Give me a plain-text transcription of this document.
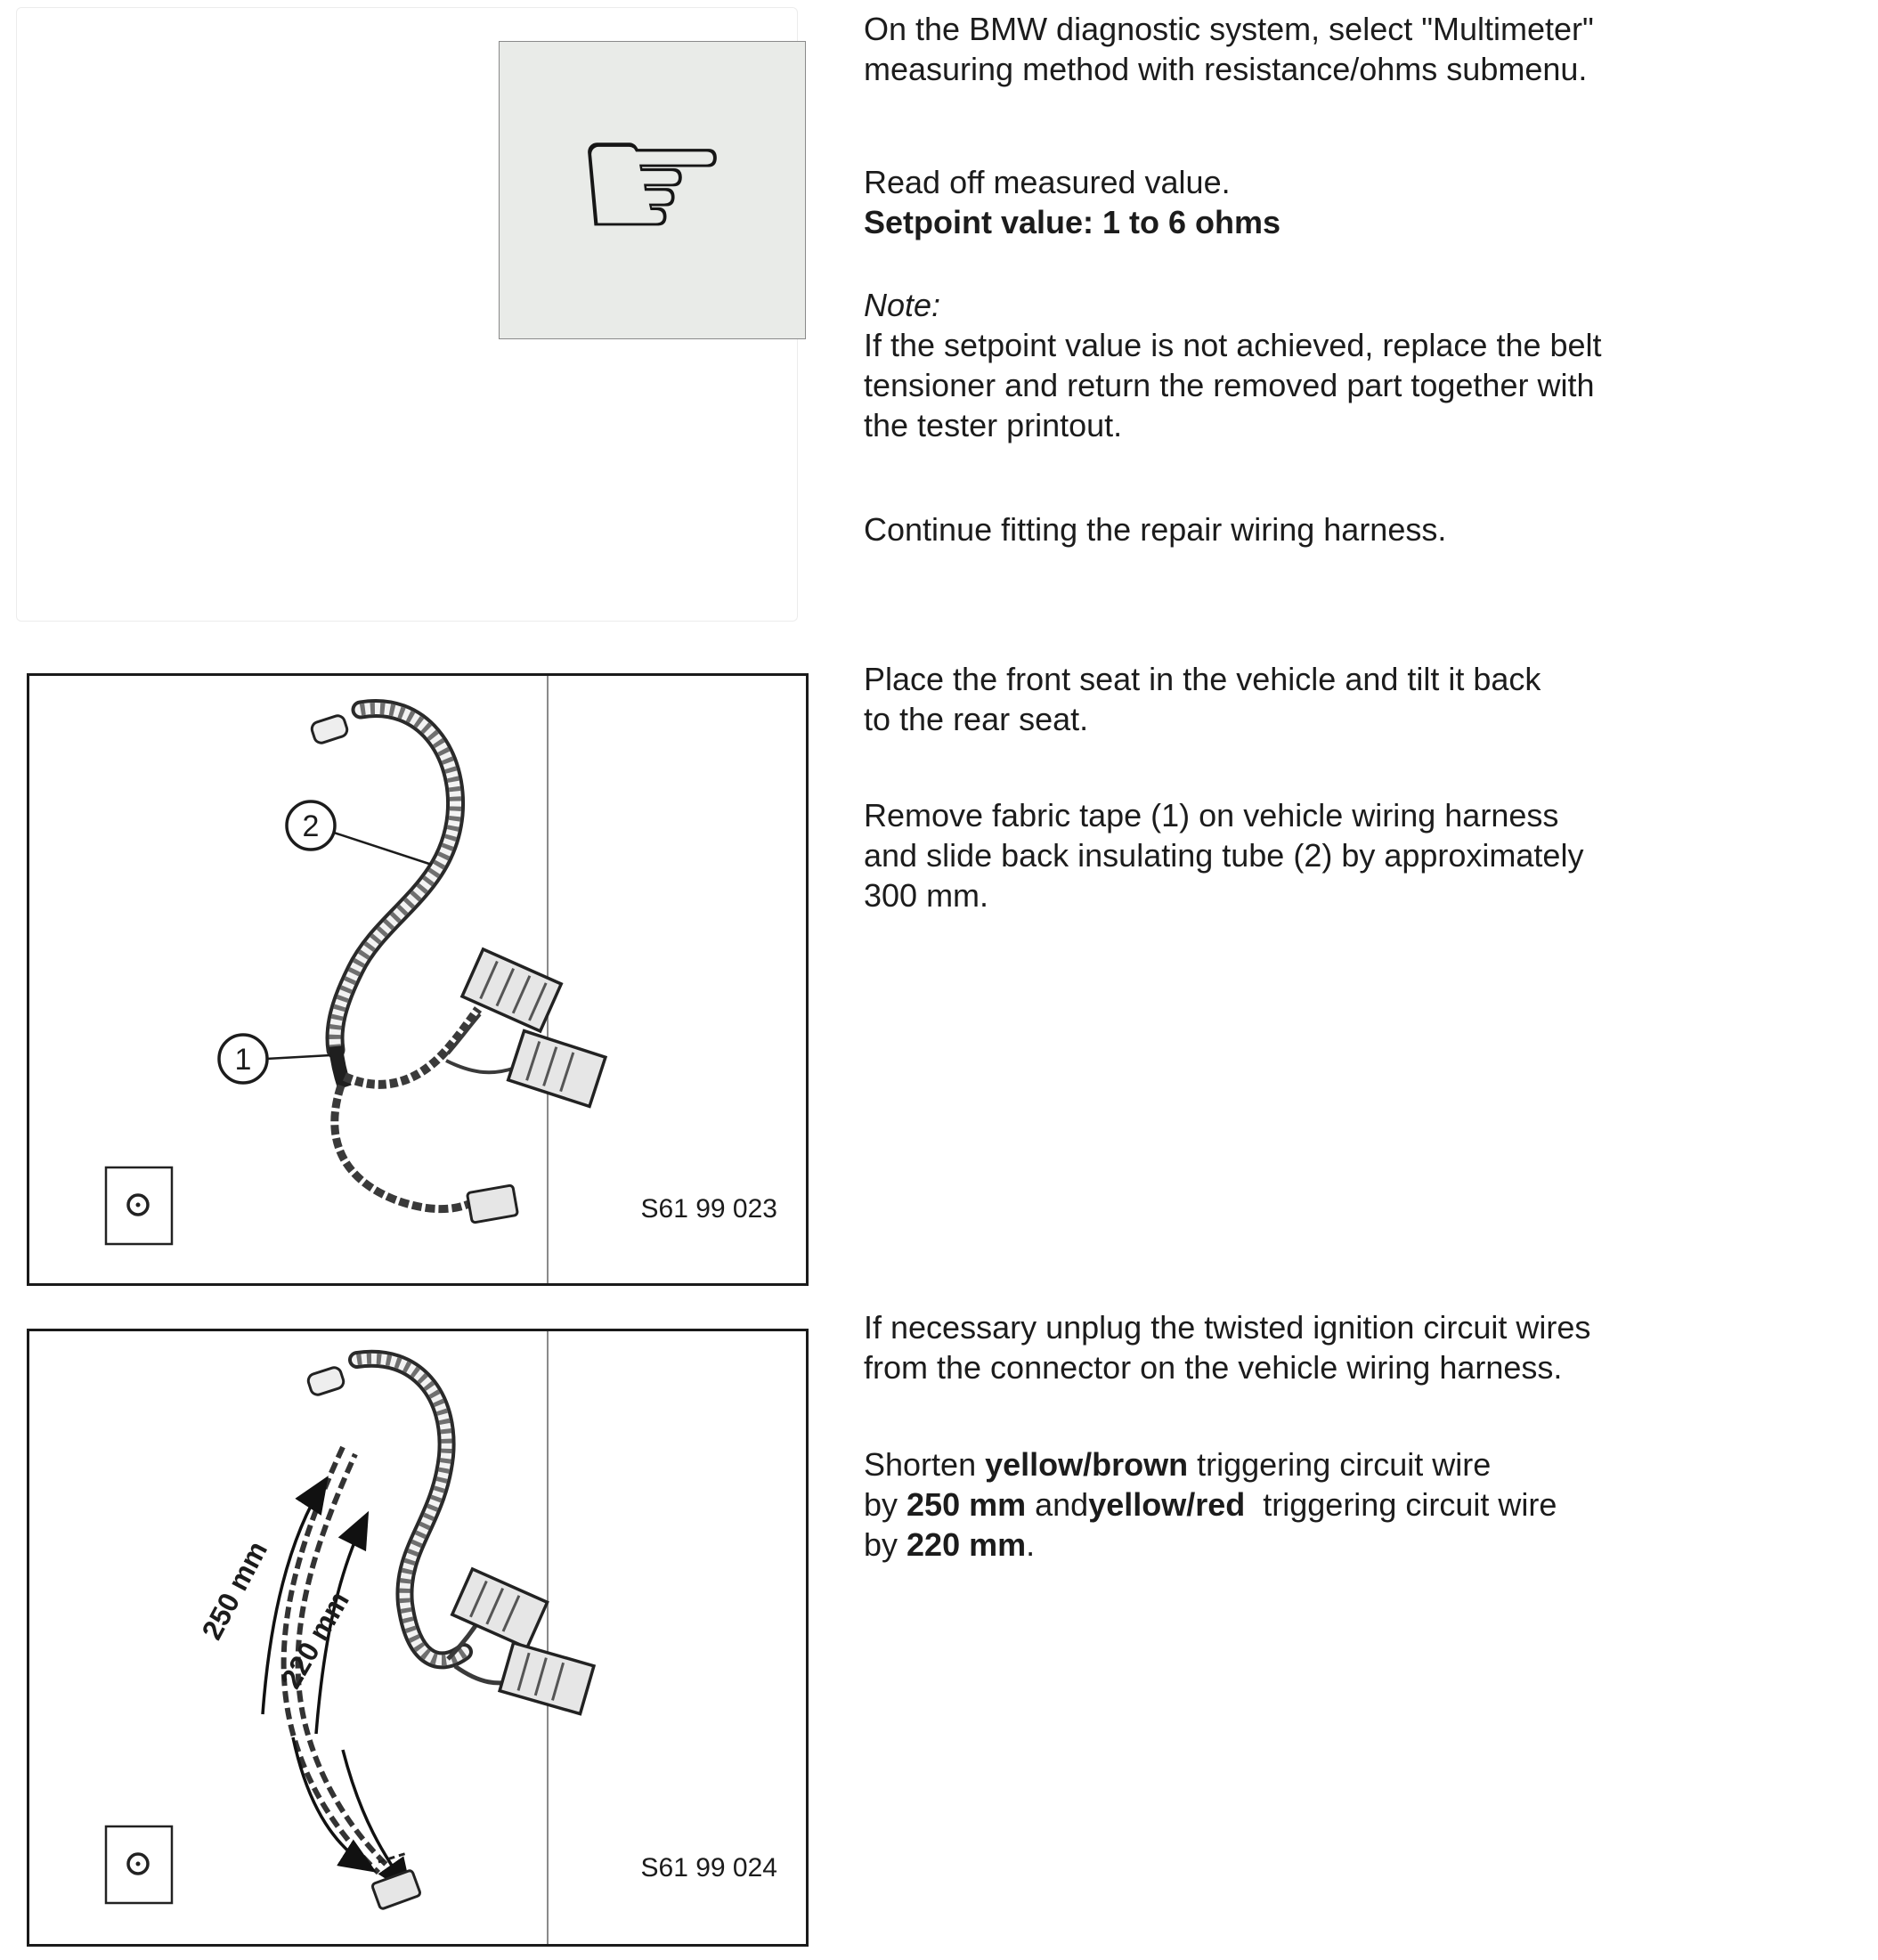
☞
On the BMW diagnostic system, select "Multimeter"
measuring method with resistance/ohms submenu.
Read off measured value.
Setpoint value: 1 to 6 ohms
Note:
If the setpoint value is not achieved, replace the belt
tensioner and return the removed part together with
the tester printout.
Continue fitting the repair wiring harness.
2
1
S61 99 023
Place the front seat in the vehicle and tilt it back
to the rear seat.
Remove fabric tape (1) on vehicle wiring harness
and slide back insulating tube (2) by approximately
300 mm.
250 mm 220 mm
S61 99 024
If necessary unplug the twisted ignition circuit wires
from the connector on the vehicle wiring harness.
Shorten yellow/brown triggering circuit wire
by 250 mm andyellow/red  triggering circuit wire
by 220 mm.
